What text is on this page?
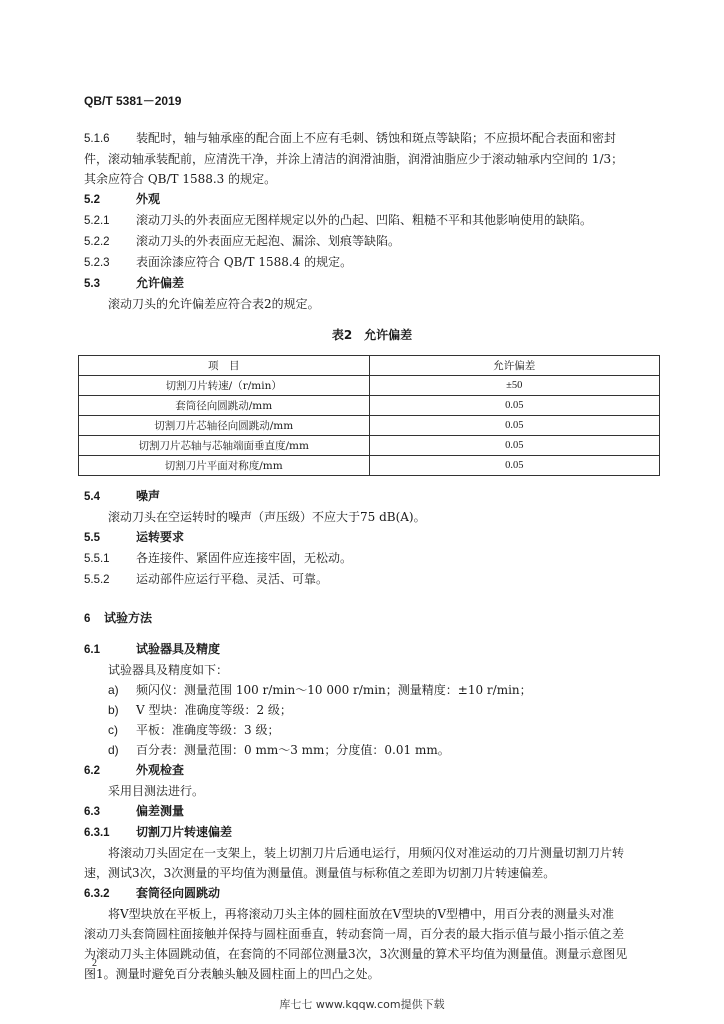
QB/T 5381－2019

5.1.6 装配时，轴与轴承座的配合面上不应有毛刺、锈蚀和斑点等缺陷；不应损坏配合表面和密封

件，滚动轴承装配前，应清洗干净，并涂上清洁的润滑油脂，润滑油脂应少于滚动轴承内空间的 1/3；

其余应符合 QB/T 1588.3 的规定。

5.2	外观

5.2.1 滚动刀头的外表面应无图样规定以外的凸起、凹陷、粗糙不平和其他影响使用的缺陷。

5.2.2 滚动刀头的外表面应无起泡、漏涂、划痕等缺陷。

5.2.3 表面涂漆应符合 QB/T 1588.4 的规定。

5.3	允许偏差

滚动刀头的允许偏差应符合表2的规定。

表2　允许偏差
项　目	允许偏差
切割刀片转速/（r/min）	±50
套筒径向圆跳动/mm	0.05
切割刀片芯轴径向圆跳动/mm	0.05
切割刀片芯轴与芯轴端面垂直度/mm	0.05
切割刀片平面对称度/mm	0.05

5.4	噪声

滚动刀头在空运转时的噪声（声压级）不应大于75 dB(A)。

5.5	运转要求

5.5.1 各连接件、紧固件应连接牢固，无松动。

5.5.2 运动部件应运行平稳、灵活、可靠。

6 试验方法

6.1	试验器具及精度

试验器具及精度如下：

a) 频闪仪：测量范围 100 r/min～10 000 r/min；测量精度：±10 r/min；

b) V 型块：准确度等级：2 级；

c) 平板：准确度等级：3 级；

d) 百分表：测量范围：0 mm～3 mm；分度值：0.01 mm。

6.2	外观检查

采用目测法进行。

6.3	偏差测量

6.3.1 切割刀片转速偏差

将滚动刀头固定在一支架上，装上切割刀片后通电运行，用频闪仪对准运动的刀片测量切割刀片转

速，测试3次，3次测量的平均值为测量值。测量值与标称值之差即为切割刀片转速偏差。

6.3.2 套筒径向圆跳动

将V型块放在平板上，再将滚动刀头主体的圆柱面放在V型块的V型槽中，用百分表的测量头对准

滚动刀头套筒圆柱面接触并保持与圆柱面垂直，转动套筒一周，百分表的最大指示值与最小指示值之差

为滚动刀头主体圆跳动值，在套筒的不同部位测量3次，3次测量的算术平均值为测量值。测量示意图见

图1。测量时避免百分表触头触及圆柱面上的凹凸之处。

2
库七七 www.kqqw.com提供下载
